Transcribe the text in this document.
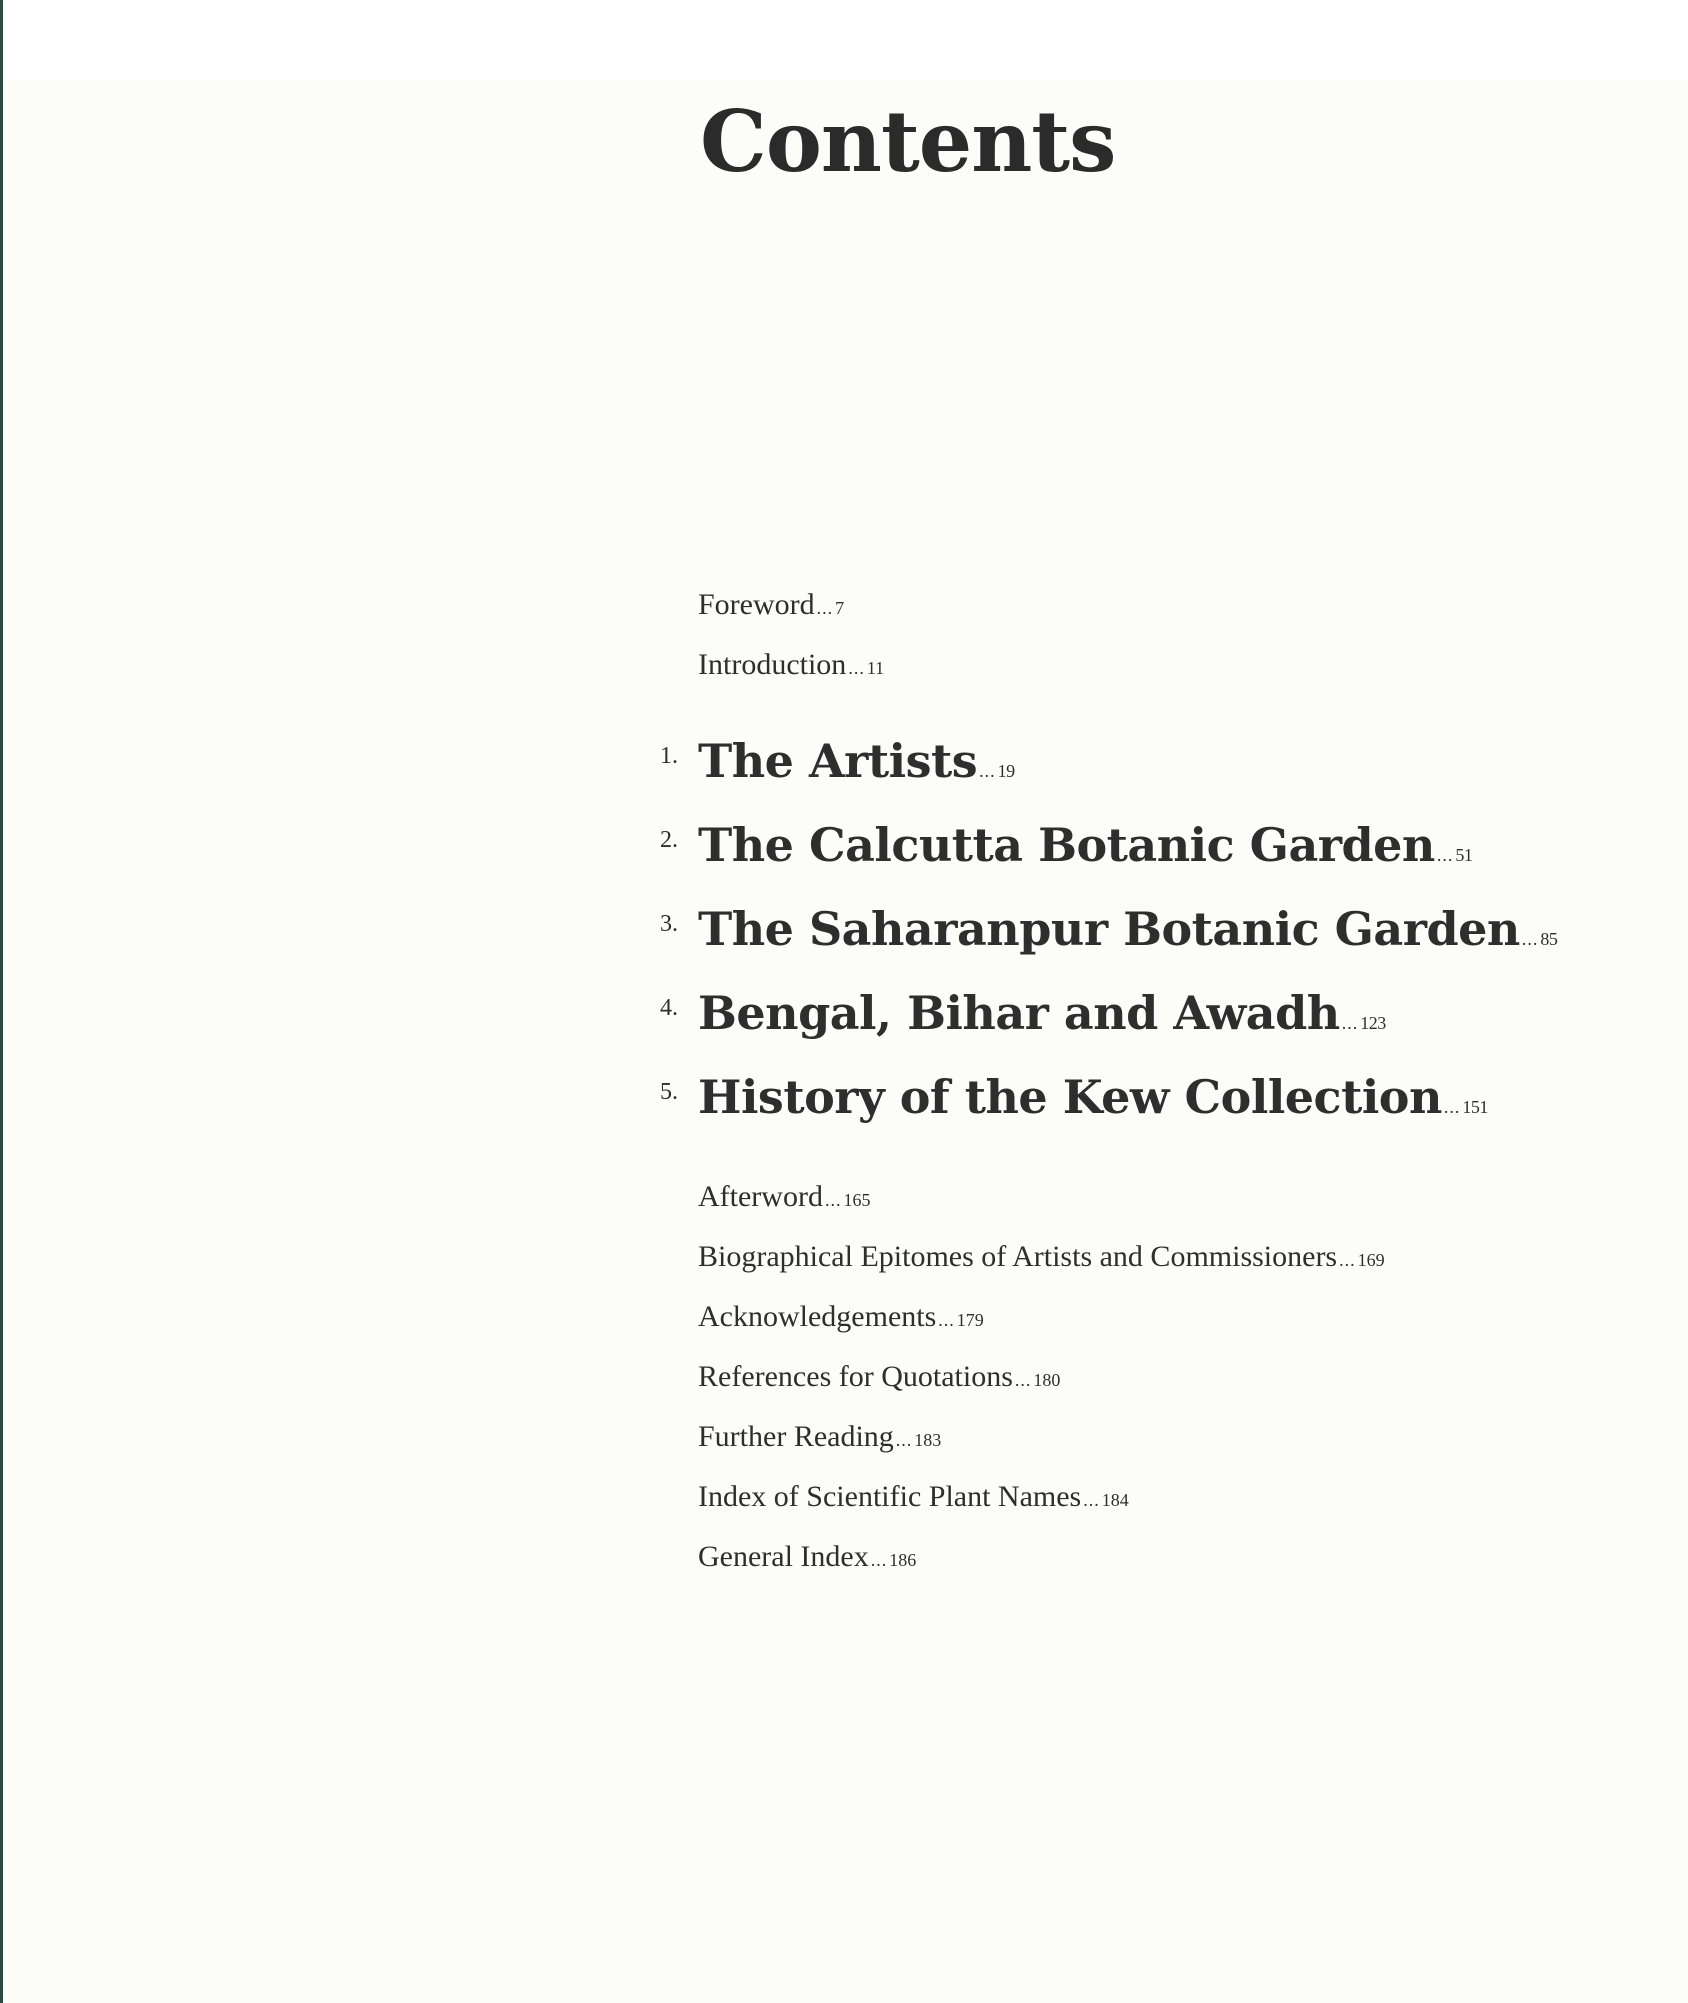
Contents
Foreword ... 7
Introduction ... 11
1. The Artists ... 19
2. The Calcutta Botanic Garden ... 51
3. The Saharanpur Botanic Garden ... 85
4. Bengal, Bihar and Awadh ... 123
5. History of the Kew Collection ... 151
Afterword ... 165
Biographical Epitomes of Artists and Commissioners ... 169
Acknowledgements ... 179
References for Quotations ... 180
Further Reading ... 183
Index of Scientific Plant Names ... 184
General Index ... 186
